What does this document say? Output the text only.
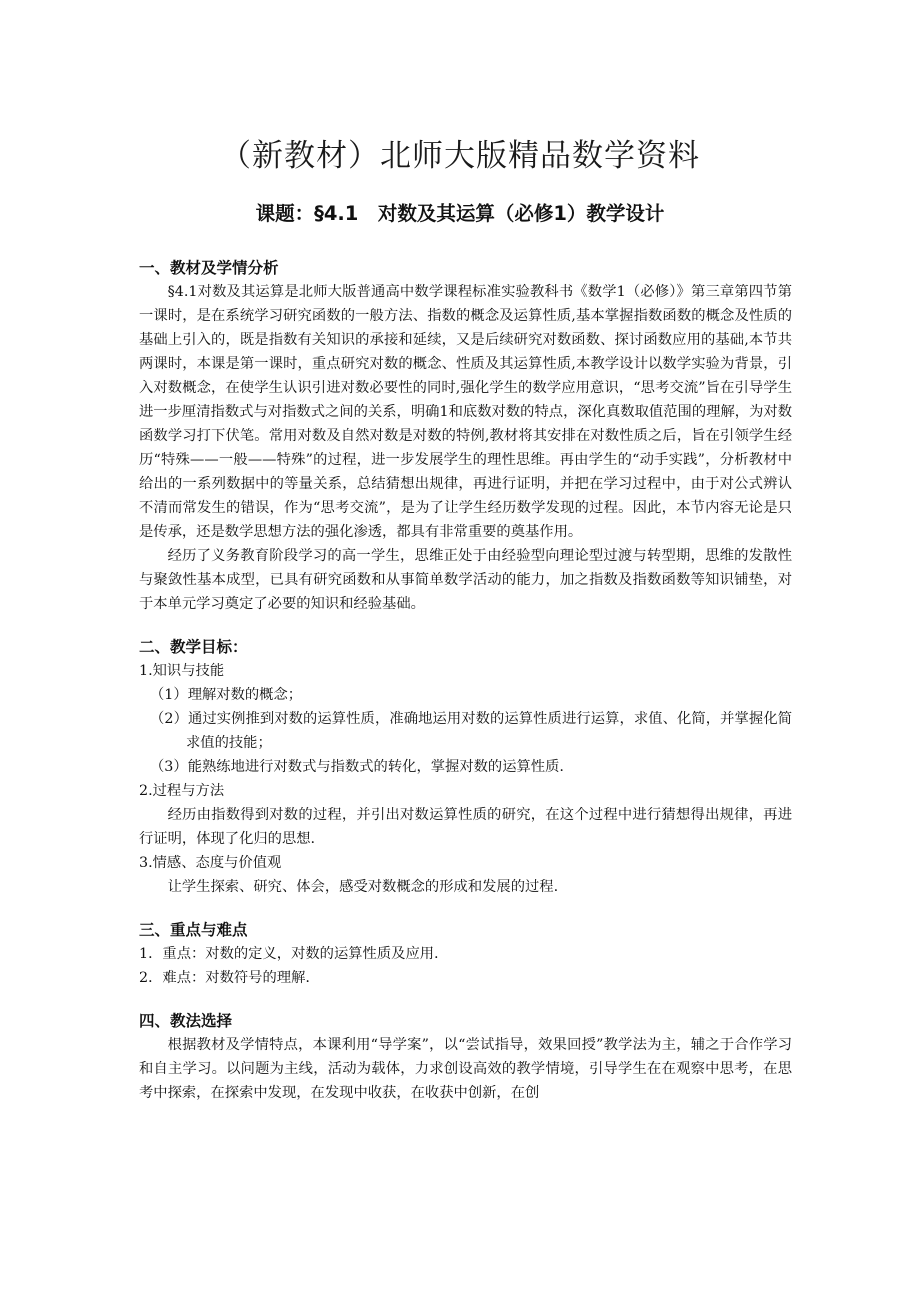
（新教材）北师大版精品数学资料
课题：§4.1　对数及其运算（必修1）教学设计
一、教材及学情分析

§4.1对数及其运算是北师大版普通高中数学课程标准实验教科书《数学1（必修）》第三章第四节第一课时，是在系统学习研究函数的一般方法、指数的概念及运算性质,基本掌握指数函数的概念及性质的基础上引入的，既是指数有关知识的承接和延续，又是后续研究对数函数、探讨函数应用的基础,本节共两课时，本课是第一课时，重点研究对数的概念、性质及其运算性质,本教学设计以数学实验为背景，引入对数概念，在使学生认识引进对数必要性的同时,强化学生的数学应用意识，“思考交流”旨在引导学生进一步厘清指数式与对指数式之间的关系，明确1和底数对数的特点，深化真数取值范围的理解，为对数函数学习打下伏笔。常用对数及自然对数是对数的特例,教材将其安排在对数性质之后，旨在引领学生经历“特殊——一般——特殊”的过程，进一步发展学生的理性思维。再由学生的“动手实践”，分析教材中给出的一系列数据中的等量关系，总结猜想出规律，再进行证明，并把在学习过程中，由于对公式辨认不清而常发生的错误，作为“思考交流”，是为了让学生经历数学发现的过程。因此，本节内容无论是只是传承，还是数学思想方法的强化渗透，都具有非常重要的奠基作用。

经历了义务教育阶段学习的高一学生，思维正处于由经验型向理论型过渡与转型期，思维的发散性与聚敛性基本成型，已具有研究函数和从事简单数学活动的能力，加之指数及指数函数等知识铺垫，对于本单元学习奠定了必要的知识和经验基础。

二、教学目标：

1.知识与技能

（1）理解对数的概念；

（2）通过实例推到对数的运算性质，准确地运用对数的运算性质进行运算，求值、化简，并掌握化简求值的技能；

（3）能熟练地进行对数式与指数式的转化，掌握对数的运算性质.

2.过程与方法

经历由指数得到对数的过程，并引出对数运算性质的研究，在这个过程中进行猜想得出规律，再进行证明，体现了化归的思想.

3.情感、态度与价值观

让学生探索、研究、体会，感受对数概念的形成和发展的过程.

三、重点与难点

1．重点：对数的定义，对数的运算性质及应用.

2．难点：对数符号的理解.

四、教法选择

根据教材及学情特点，本课利用“导学案”，以“尝试指导，效果回授”教学法为主，辅之于合作学习和自主学习。以问题为主线，活动为载体，力求创设高效的教学情境，引导学生在在观察中思考，在思考中探索，在探索中发现，在发现中收获，在收获中创新，在创
